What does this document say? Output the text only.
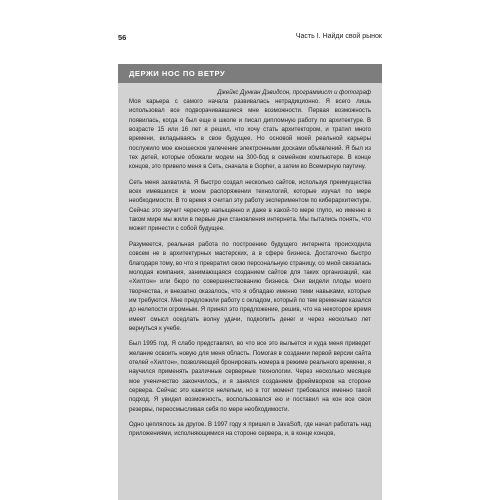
56	Часть I. Найди свой рынок
ДЕРЖИ НОС ПО ВЕТРУ
Джейкс Дункан Дэвидсон, программист и фотограф

Моя карьера с самого начала развивалась нетрадиционно. Я всего лишь использовал все подворачивавшиеся мне возможности. Первая возможность появилась, когда я был еще в школе и писал дипломную работу по архитектуре. В возрасте 15 или 16 лет я решил, что хочу стать архитектором, и тратил много времени, вкладываясь в свое будущее. Но основой моей реальной карьеры послужило мое юношеское увлечение электронными досками объявлений. Я был из тех детей, которые обожали модем на 300-бод в семейном компьютере. В конце концов, это привело меня в Сеть, сначала в Gopher, а затем во Всемирную паутину.

Сеть меня захватила. Я быстро создал несколько сайтов, используя преимущества всех имевшихся в моем распоряжении технологий, которые изучал по мере необходимости. В то время я считал эту работу экспериментом по киберархитектуре. Сейчас это звучит чересчур напыщенно и даже в какой-то мере глупо, но именно в таком мире мы жили в первые дни становления интернета. Мы пытались понять, что может принести с собой будущее.

Разумеется, реальная работа по построению будущего интернета происходила совсем не в архитектурных мастерских, а в сфере бизнеса. Достаточно быстро благодаря тому, во что я превратил свою персональную страницу, со мной связалась молодая компания, занимающаяся созданием сайтов для таких организаций, как «Хилтон» или бюро по совершенствованию бизнеса. Они видели плоды моего творчества, и внезапно оказалось, что я обладаю именно теми навыками, которые им требуются. Мне предложили работу с окладом, который по тем временам казался до нелепости огромным. Я принял это предложение, решив, что на некоторое время имеет смысл оседлать волну удачи, подкопить денег и через несколько лет вернуться к учебе.

Был 1995 год. Я слабо представлял, во что все это выльется и куда меня приведет желание освоить новую для меня область. Помогая в создании первой версии сайта отелей «Хилтон», позволяющей бронировать номера в режиме реального времени, я научился применять различные серверные технологии. Через несколько месяцев мое ученичество закончилось, и я занялся созданием фреймворков на стороне сервера. Сейчас это кажется нелепым, но в тот момент требовался именно такой подход. Я увидел возможность, воспользовался ею и поставил на кон все свои резервы, переосмысливая себя по мере необходимости.

Одно цеплялось за другое. В 1997 году я пришел в JavaSoft, где начал работать над приложениями, исполняющимися на стороне сервера, и, в конце концов,
